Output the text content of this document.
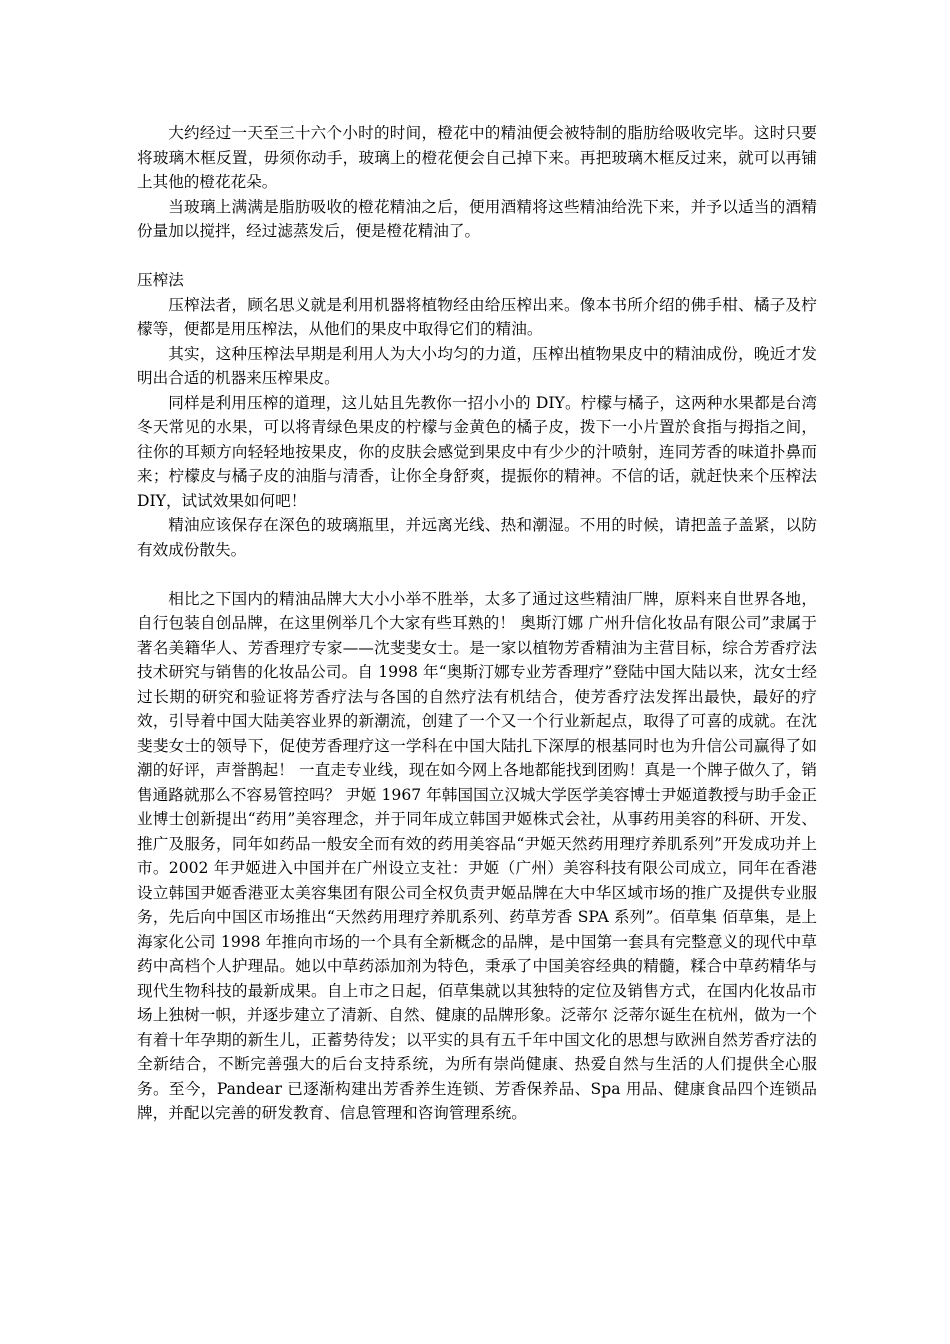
大约经过一天至三十六个小时的时间，橙花中的精油便会被特制的脂肪给吸收完毕。这时只要将玻璃木框反置，毋须你动手，玻璃上的橙花便会自己掉下来。再把玻璃木框反过来，就可以再铺上其他的橙花花朵。

当玻璃上满满是脂肪吸收的橙花精油之后，便用酒精将这些精油给洗下来，并予以适当的酒精份量加以搅拌，经过滤蒸发后，便是橙花精油了。

压榨法

压榨法者，顾名思义就是利用机器将植物经由给压榨出来。像本书所介绍的佛手柑、橘子及柠檬等，便都是用压榨法，从他们的果皮中取得它们的精油。

其实，这种压榨法早期是利用人为大小均匀的力道，压榨出植物果皮中的精油成份，晚近才发明出合适的机器来压榨果皮。

同样是利用压榨的道理，这儿姑且先教你一招小小的 DIY。柠檬与橘子，这两种水果都是台湾冬天常见的水果，可以将青绿色果皮的柠檬与金黄色的橘子皮，拨下一小片置於食指与拇指之间，往你的耳颊方向轻轻地按果皮，你的皮肤会感觉到果皮中有少少的汁喷射，连同芳香的味道扑鼻而来；柠檬皮与橘子皮的油脂与清香，让你全身舒爽，提振你的精神。不信的话，就赶快来个压榨法 DIY，试试效果如何吧！

精油应该保存在深色的玻璃瓶里，并远离光线、热和潮湿。不用的时候，请把盖子盖紧，以防有效成份散失。

相比之下国内的精油品牌大大小小举不胜举，太多了通过这些精油厂牌，原料来自世界各地，自行包装自创品牌，在这里例举几个大家有些耳熟的！ 奥斯汀娜 广州升信化妆品有限公司”隶属于著名美籍华人、芳香理疗专家——沈斐斐女士。是一家以植物芳香精油为主营目标，综合芳香疗法技术研究与销售的化妆品公司。自 1998 年“奥斯汀娜专业芳香理疗”登陆中国大陆以来，沈女士经过长期的研究和验证将芳香疗法与各国的自然疗法有机结合，使芳香疗法发挥出最快，最好的疗效，引导着中国大陆美容业界的新潮流，创建了一个又一个行业新起点，取得了可喜的成就。在沈斐斐女士的领导下，促使芳香理疗这一学科在中国大陆扎下深厚的根基同时也为升信公司赢得了如潮的好评，声誉鹊起！ 一直走专业线，现在如今网上各地都能找到团购！真是一个牌子做久了，销售通路就那么不容易管控吗？ 尹姬 1967 年韩国国立汉城大学医学美容博士尹姬道教授与助手金正业博士创新提出“药用”美容理念，并于同年成立韩国尹姬株式会社，从事药用美容的科研、开发、推广及服务，同年如药品一般安全而有效的药用美容品“尹姬天然药用理疗养肌系列”开发成功并上市。2002 年尹姬进入中国并在广州设立支社：尹姬（广州）美容科技有限公司成立，同年在香港设立韩国尹姬香港亚太美容集团有限公司全权负责尹姬品牌在大中华区域市场的推广及提供专业服务，先后向中国区市场推出“天然药用理疗养肌系列、药草芳香 SPA 系列”。佰草集 佰草集，是上海家化公司 1998 年推向市场的一个具有全新概念的品牌，是中国第一套具有完整意义的现代中草药中高档个人护理品。她以中草药添加剂为特色，秉承了中国美容经典的精髓，糅合中草药精华与现代生物科技的最新成果。自上市之日起，佰草集就以其独特的定位及销售方式，在国内化妆品市场上独树一帜，并逐步建立了清新、自然、健康的品牌形象。泛蒂尔 泛蒂尔诞生在杭州，做为一个有着十年孕期的新生儿，正蓄势待发；以平实的具有五千年中国文化的思想与欧洲自然芳香疗法的全新结合，不断完善强大的后台支持系统，为所有崇尚健康、热爱自然与生活的人们提供全心服务。至今，Pandear 已逐渐构建出芳香养生连锁、芳香保养品、Spa 用品、健康食品四个连锁品牌，并配以完善的研发教育、信息管理和咨询管理系统。
